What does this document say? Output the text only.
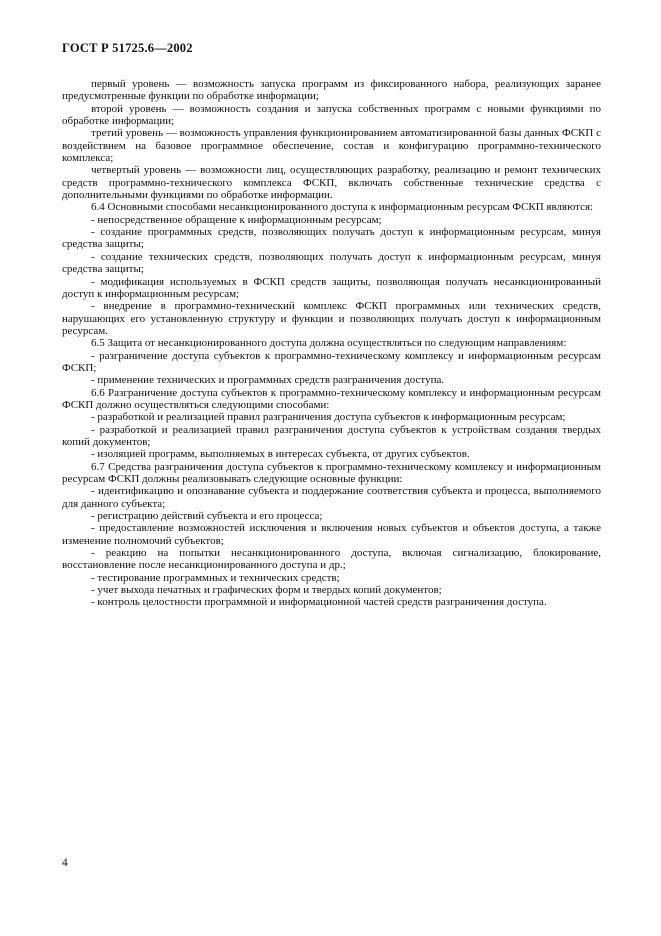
ГОСТ Р 51725.6—2002

первый уровень — возможность запуска программ из фиксированного набора, реализующих заранее предусмотренные функции по обработке информации;

второй уровень — возможность создания и запуска собственных программ с новыми функциями по обработке информации;

третий уровень — возможность управления функционированием автоматизированной базы данных ФСКП с воздействием на базовое программное обеспечение, состав и конфигурацию программно-технического комплекса;

четвертый уровень — возможности лиц, осуществляющих разработку, реализацию и ремонт технических средств программно-технического комплекса ФСКП, включать собственные технические средства с дополнительными функциями по обработке информации.

6.4 Основными способами несанкционированного доступа к информационным ресурсам ФСКП являются:

- непосредственное обращение к информационным ресурсам;

- создание программных средств, позволяющих получать доступ к информационным ресурсам, минуя средства защиты;

- создание технических средств, позволяющих получать доступ к информационным ресурсам, минуя средства защиты;

- модификация используемых в ФСКП средств защиты, позволяющая получать несанкционированный доступ к информационным ресурсам;

- внедрение в программно-технический комплекс ФСКП программных или технических средств, нарушающих его установленную структуру и функции и позволяющих получать доступ к информационным ресурсам.

6.5 Защита от несанкционированного доступа должна осуществляться по следующим направлениям:

- разграничение доступа субъектов к программно-техническому комплексу и информационным ресурсам ФСКП;

- применение технических и программных средств разграничения доступа.

6.6 Разграничение доступа субъектов к программно-техническому комплексу и информационным ресурсам ФСКП должно осуществляться следующими способами:

- разработкой и реализацией правил разграничения доступа субъектов к информационным ресурсам;

- разработкой и реализацией правил разграничения доступа субъектов к устройствам создания твердых копий документов;

- изоляцией программ, выполняемых в интересах субъекта, от других субъектов.

6.7 Средства разграничения доступа субъектов к программно-техническому комплексу и информационным ресурсам ФСКП должны реализовывать следующие основные функции:

- идентификацию и опознавание субъекта и поддержание соответствия субъекта и процесса, выполняемого для данного субъекта;

- регистрацию действий субъекта и его процесса;

- предоставление возможностей исключения и включения новых субъектов и объектов доступа, а также изменение полномочий субъектов;

- реакцию на попытки несанкционированного доступа, включая сигнализацию, блокирование, восстановление после несанкционированного доступа и др.;

- тестирование программных и технических средств;

- учет выхода печатных и графических форм и твердых копий документов;

- контроль целостности программной и информационной частей средств разграничения доступа.

4
